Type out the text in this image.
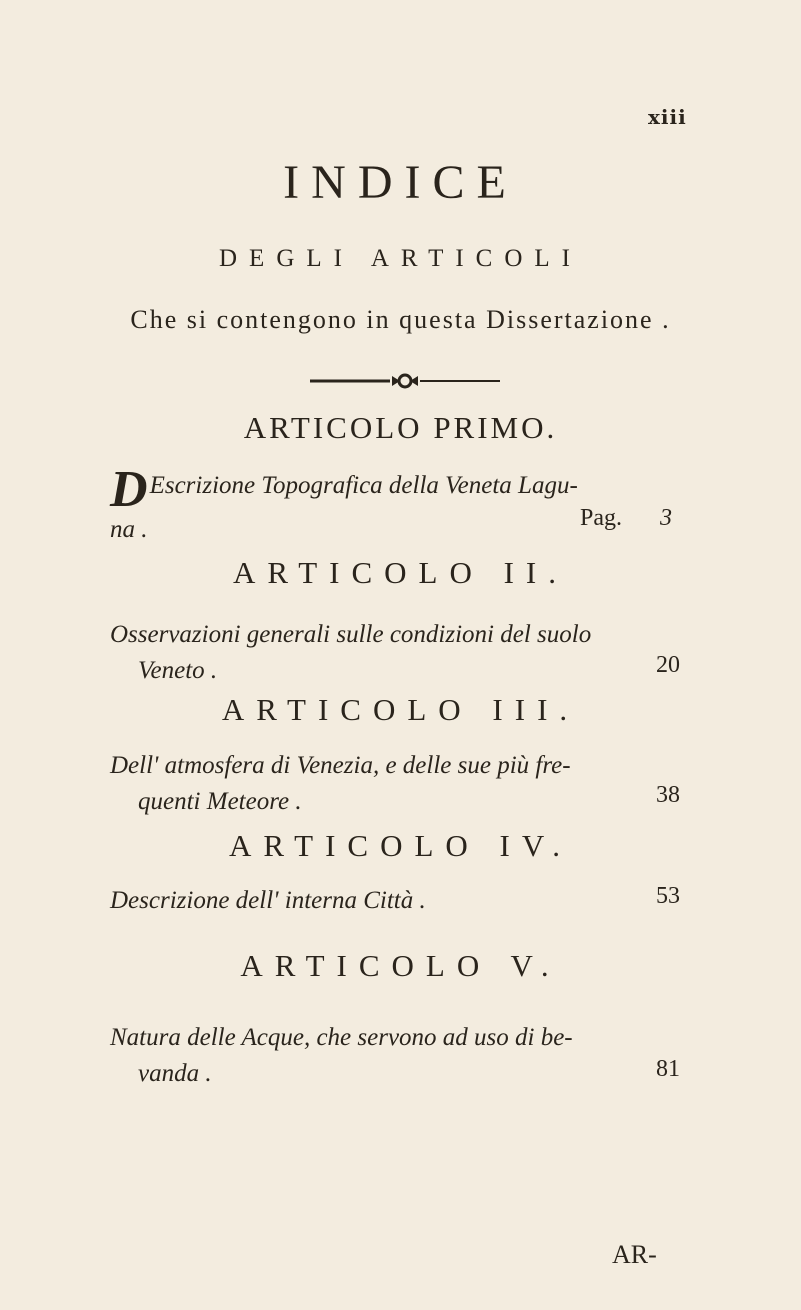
xiii
INDICE
DEGLI ARTICOLI
Che si contengono in questa Dissertazione .
ARTICOLO PRIMO.
D Escrizione Topografica della Veneta Lagu-
na .	Pag. 3
ARTICOLO II.
Osservazioni generali sulle condizioni del suolo
Veneto .	20
ARTICOLO III.
Dell' atmosfera di Venezia, e delle sue più fre-
quenti Meteore .	38
ARTICOLO IV.
Descrizione dell' interna Città .	53
ARTICOLO V.
Natura delle Acque, che servono ad uso di be-
vanda .	81
AR-
